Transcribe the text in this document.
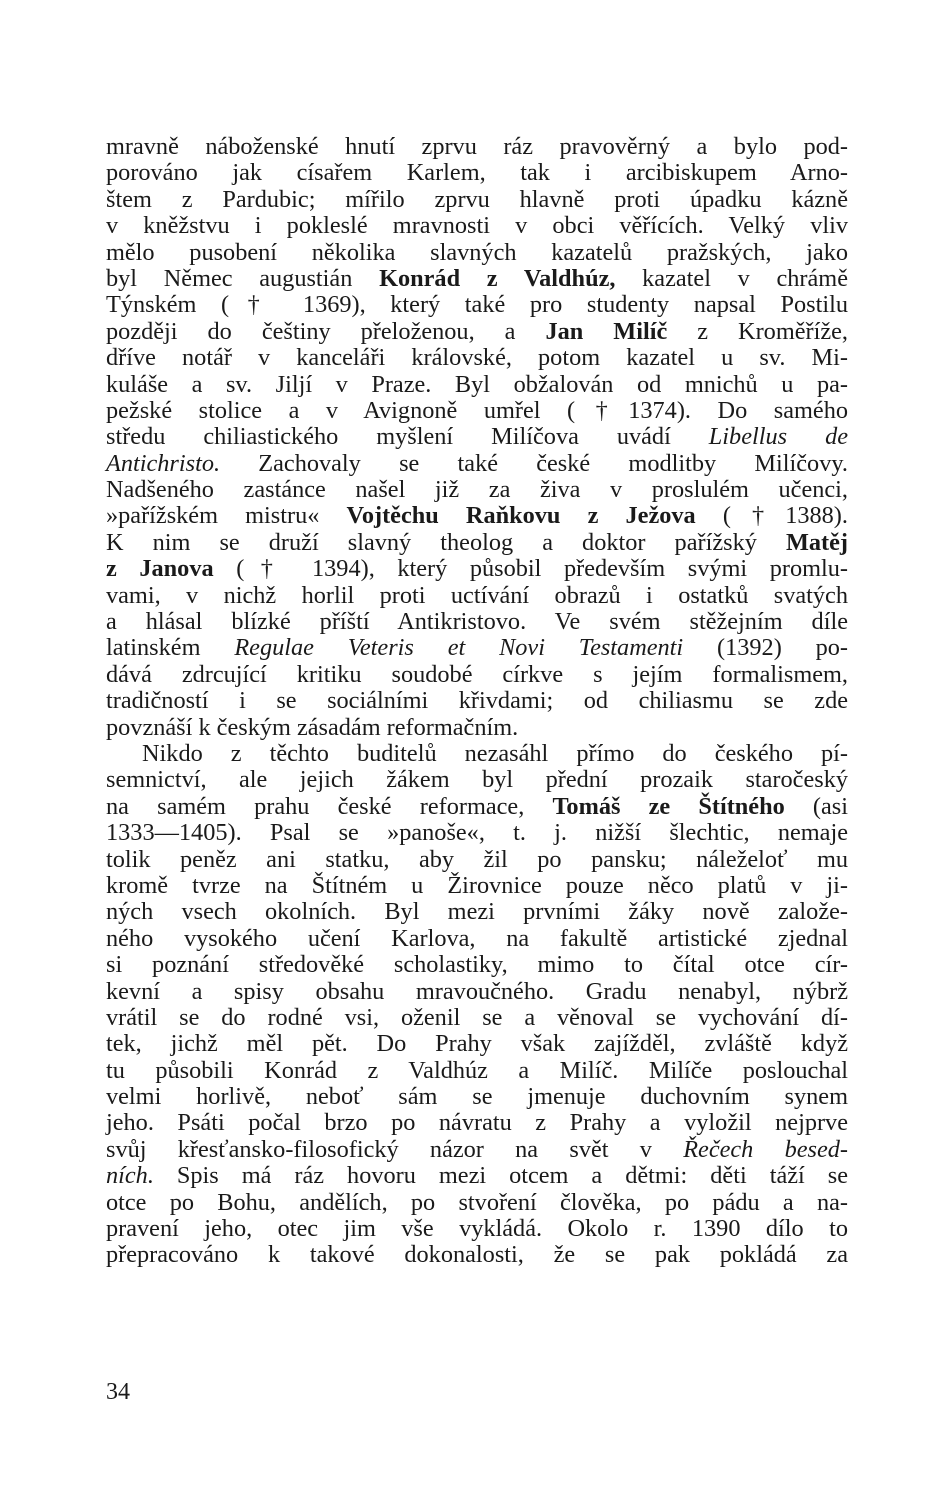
mravně náboženské hnutí zprvu ráz pravověrný a bylo pod-
porováno jak císařem Karlem, tak i arcibiskupem Arno-
štem z Pardubic; mířilo zprvu hlavně proti úpadku kázně
v kněžstvu i pokleslé mravnosti v obci věřících. Velký vliv
mělo pusobení několika slavných kazatelů pražských, jako
byl Němec augustián Konrád z Valdhúz, kazatel v chrámě
Týnském († 1369), který také pro studenty napsal Postilu
později do češtiny přeloženou, a Jan Milíč z Kroměříže,
dříve notář v kanceláři královské, potom kazatel u sv. Mi-
kuláše a sv. Jiljí v Praze. Byl obžalován od mnichů u pa-
pežské stolice a v Avignoně umřel (†1374). Do samého
středu chiliastického myšlení Milíčova uvádí Libellus de
Antichristo. Zachovaly se také české modlitby Milíčovy.
Nadšeného zastánce našel již za živa v proslulém učenci,
»pařížském mistru« Vojtěchu Raňkovu z Ježova (†1388).
K nim se druží slavný theolog a doktor pařížský Matěj
z Janova († 1394), který působil především svými promlu-
vami, v nichž horlil proti uctívání obrazů i ostatků svatých
a hlásal blízké příští Antikristovo. Ve svém stěžejním díle
latinském Regulae Veteris et Novi Testamenti (1392) po-
dává zdrcující kritiku soudobé církve s jejím formalismem,
tradičností i se sociálními křivdami; od chiliasmu se zde
povznáší k českým zásadám reformačním.
Nikdo z těchto buditelů nezasáhl přímo do českého pí-
semnictví, ale jejich žákem byl přední prozaik staročeský
na samém prahu české reformace, Tomáš ze Štítného (asi
1333—1405). Psal se »panoše«, t. j. nižší šlechtic, nemaje
tolik peněz ani statku, aby žil po pansku; náleželoť mu
kromě tvrze na Štítném u Žirovnice pouze něco platů v ji-
ných vsech okolních. Byl mezi prvními žáky nově založe-
ného vysokého učení Karlova, na fakultě artistické zjednal
si poznání středověké scholastiky, mimo to čítal otce cír-
kevní a spisy obsahu mravoučného. Gradu nenabyl, nýbrž
vrátil se do rodné vsi, oženil se a věnoval se vychování dí-
tek, jichž měl pět. Do Prahy však zajížděl, zvláště když
tu působili Konrád z Valdhúz a Milíč. Milíče poslouchal
velmi horlivě, neboť sám se jmenuje duchovním synem
jeho. Psáti počal brzo po návratu z Prahy a vyložil nejprve
svůj křesťansko-filosofický názor na svět v Řečech besed-
ních. Spis má ráz hovoru mezi otcem a dětmi: děti táží se
otce po Bohu, andělích, po stvoření člověka, po pádu a na-
pravení jeho, otec jim vše vykládá. Okolo r. 1390 dílo to
přepracováno k takové dokonalosti, že se pak pokládá za
34
